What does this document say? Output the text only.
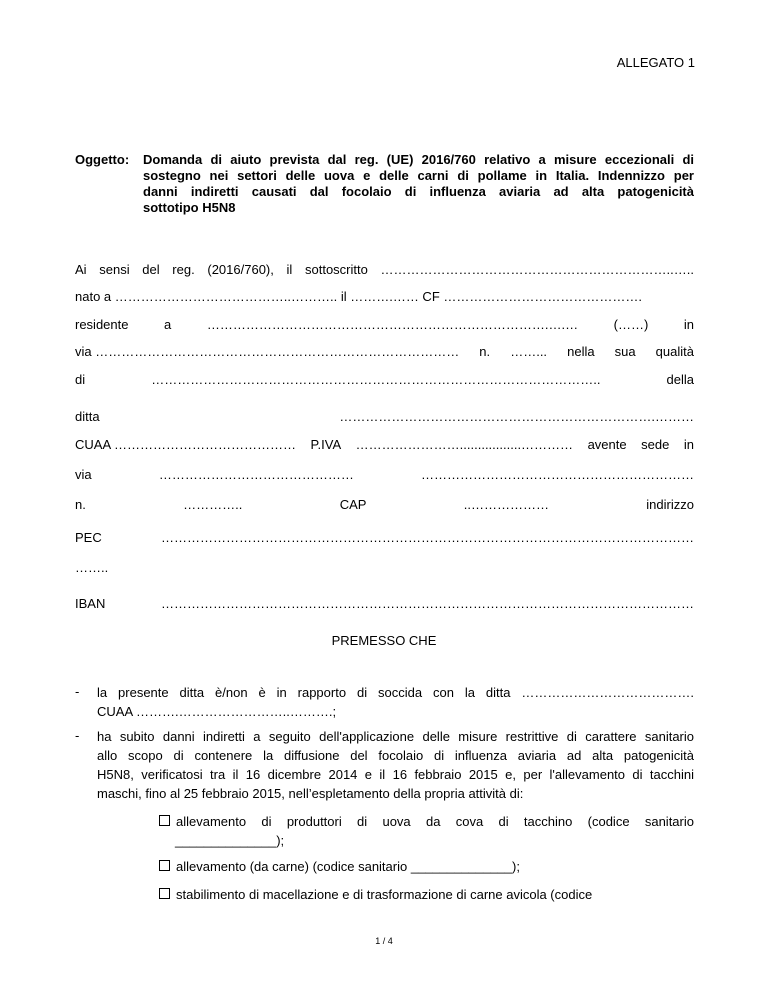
ALLEGATO 1
Oggetto: Domanda di aiuto prevista dal reg. (UE) 2016/760 relativo a misure eccezionali di
sostegno nei settori delle uova e delle carni di pollame in Italia. Indennizzo per
danni indiretti causati dal focolaio di influenza aviaria ad alta patogenicità
sottotipo H5N8
Ai sensi del reg. (2016/760), il sottoscritto …………………………………………………………..…..
nato a …………………………………..……….. il ……….…… CF ……………………………………….
residente	a	…………………………………………………………………….….…	(……)	in
via ………………………………………………………………………… n. ……... nella sua qualità
di	…………………………………………………………………………………………..	della
ditta	……………………………………………………………….………
CUAA …………………………………… P.IVA …………………….................………… avente sede in
via	………………………………………	………………………………………………………
n.	…………..	CAP	..………………	indirizzo
PEC	……………………………………………………………………………………………………………
……..
IBAN	……………………………………………………………………………………………………………
PREMESSO CHE
- la presente ditta è/non è in rapporto di soccida con la ditta ………………………………….
CUAA ……….……………………..……….;
- ha subito danni indiretti a seguito dell'applicazione delle misure restrittive di carattere sanitario
allo scopo di contenere la diffusione del focolaio di influenza aviaria ad alta patogenicità
H5N8, verificatosi tra il 16 dicembre 2014 e il 16 febbraio 2015 e, per l'allevamento di tacchini
maschi, fino al 25 febbraio 2015, nell’espletamento della propria attività di:
allevamento di produttori di uova da cova di tacchino (codice sanitario
______________);
allevamento (da carne) (codice sanitario ______________);
stabilimento di macellazione e di trasformazione di carne avicola (codice
1 / 4
